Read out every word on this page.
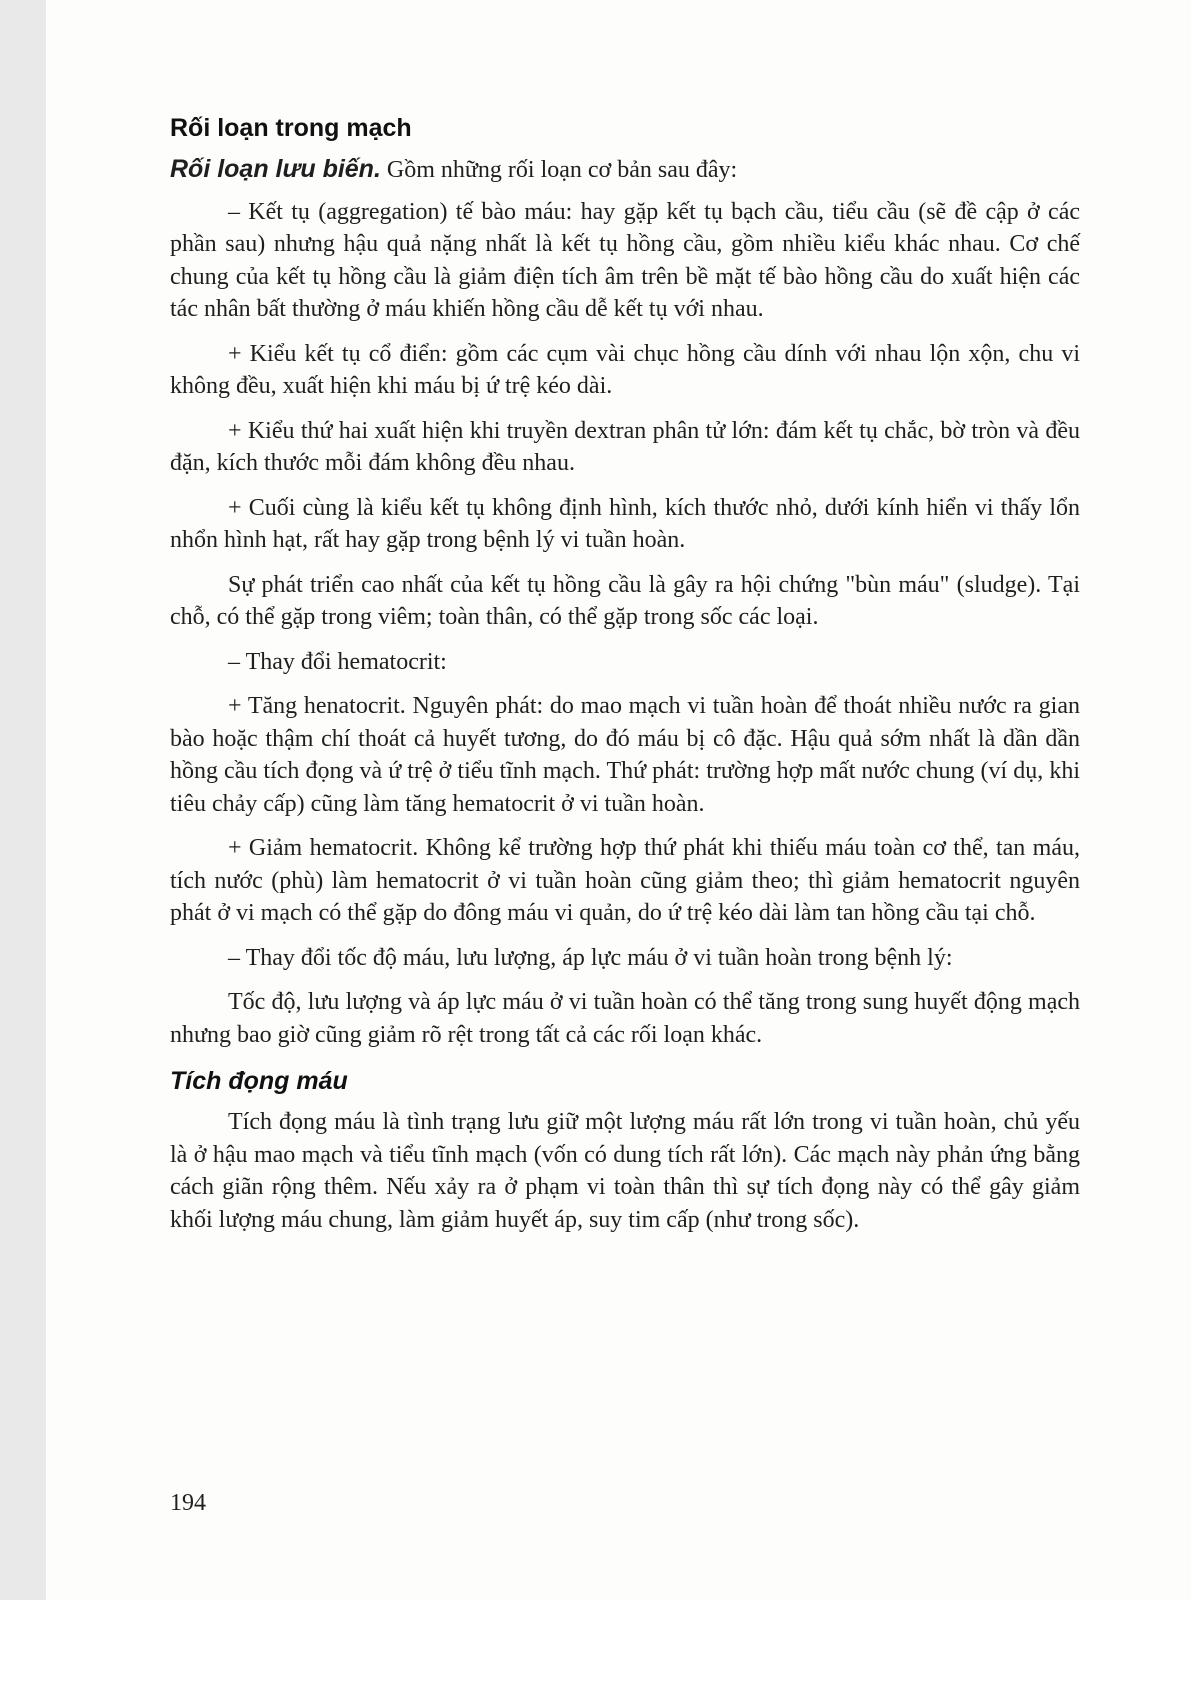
Rối loạn trong mạch
Rối loạn lưu biến. Gồm những rối loạn cơ bản sau đây:

– Kết tụ (aggregation) tế bào máu: hay gặp kết tụ bạch cầu, tiểu cầu (sẽ đề cập ở các phần sau) nhưng hậu quả nặng nhất là kết tụ hồng cầu, gồm nhiều kiểu khác nhau. Cơ chế chung của kết tụ hồng cầu là giảm điện tích âm trên bề mặt tế bào hồng cầu do xuất hiện các tác nhân bất thường ở máu khiến hồng cầu dễ kết tụ với nhau.

+ Kiểu kết tụ cổ điển: gồm các cụm vài chục hồng cầu dính với nhau lộn xộn, chu vi không đều, xuất hiện khi máu bị ứ trệ kéo dài.

+ Kiểu thứ hai xuất hiện khi truyền dextran phân tử lớn: đám kết tụ chắc, bờ tròn và đều đặn, kích thước mỗi đám không đều nhau.

+ Cuối cùng là kiểu kết tụ không định hình, kích thước nhỏ, dưới kính hiển vi thấy lổn nhổn hình hạt, rất hay gặp trong bệnh lý vi tuần hoàn.

Sự phát triển cao nhất của kết tụ hồng cầu là gây ra hội chứng "bùn máu" (sludge). Tại chỗ, có thể gặp trong viêm; toàn thân, có thể gặp trong sốc các loại.

– Thay đổi hematocrit:

+ Tăng henatocrit. Nguyên phát: do mao mạch vi tuần hoàn để thoát nhiều nước ra gian bào hoặc thậm chí thoát cả huyết tương, do đó máu bị cô đặc. Hậu quả sớm nhất là dần dần hồng cầu tích đọng và ứ trệ ở tiểu tĩnh mạch. Thứ phát: trường hợp mất nước chung (ví dụ, khi tiêu chảy cấp) cũng làm tăng hematocrit ở vi tuần hoàn.

+ Giảm hematocrit. Không kể trường hợp thứ phát khi thiếu máu toàn cơ thể, tan máu, tích nước (phù) làm hematocrit ở vi tuần hoàn cũng giảm theo; thì giảm hematocrit nguyên phát ở vi mạch có thể gặp do đông máu vi quản, do ứ trệ kéo dài làm tan hồng cầu tại chỗ.

– Thay đổi tốc độ máu, lưu lượng, áp lực máu ở vi tuần hoàn trong bệnh lý:

Tốc độ, lưu lượng và áp lực máu ở vi tuần hoàn có thể tăng trong sung huyết động mạch nhưng bao giờ cũng giảm rõ rệt trong tất cả các rối loạn khác.

Tích đọng máu

Tích đọng máu là tình trạng lưu giữ một lượng máu rất lớn trong vi tuần hoàn, chủ yếu là ở hậu mao mạch và tiểu tĩnh mạch (vốn có dung tích rất lớn). Các mạch này phản ứng bằng cách giãn rộng thêm. Nếu xảy ra ở phạm vi toàn thân thì sự tích đọng này có thể gây giảm khối lượng máu chung, làm giảm huyết áp, suy tim cấp (như trong sốc).

194
